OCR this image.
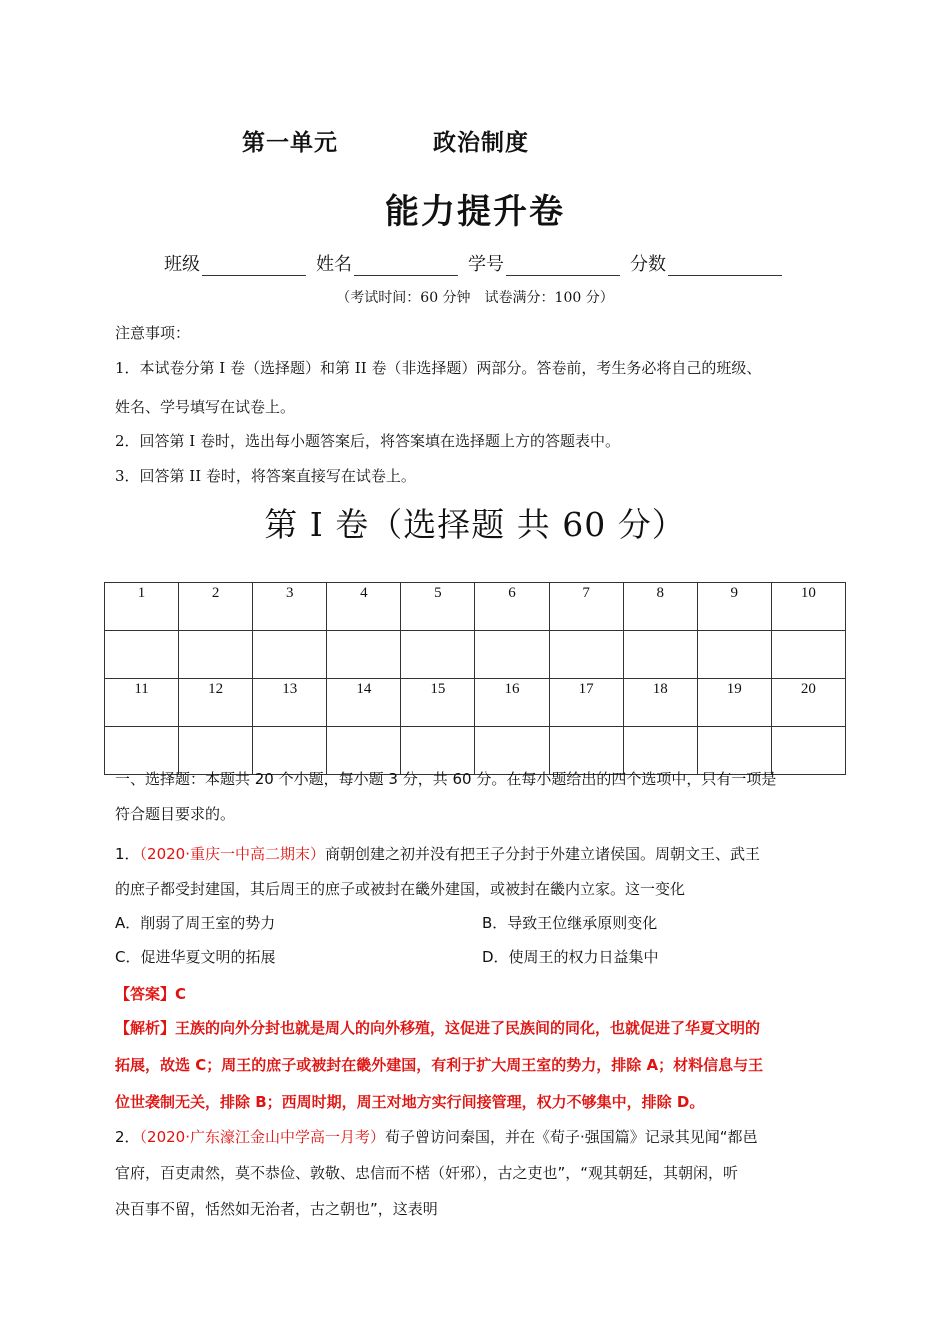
第一单元	政治制度
能力提升卷
班级	姓名	学号	分数
（考试时间：60 分钟　试卷满分：100 分）
注意事项：
1．本试卷分第 I 卷（选择题）和第 II 卷（非选择题）两部分。答卷前，考生务必将自己的班级、
姓名、学号填写在试卷上。
2．回答第 I 卷时，选出每小题答案后，将答案填在选择题上方的答题表中。
3．回答第 II 卷时，将答案直接写在试卷上。
第 I 卷（选择题 共 60 分）
1	2	3	4	5	6	7	8	9	10

11	12	13	14	15	16	17	18	19	20

一、选择题：本题共 20 个小题，每小题 3 分，共 60 分。在每小题给出的四个选项中，只有一项是
符合题目要求的。
1．（2020·重庆一中高二期末）商朝创建之初并没有把王子分封于外建立诸侯国。周朝文王、武王
的庶子都受封建国，其后周王的庶子或被封在畿外建国，或被封在畿内立家。这一变化
A．削弱了周王室的势力	B．导致王位继承原则变化
C．促进华夏文明的拓展	D．使周王的权力日益集中
【答案】C
【解析】王族的向外分封也就是周人的向外移殖，这促进了民族间的同化，也就促进了华夏文明的
拓展，故选 C；周王的庶子或被封在畿外建国，有利于扩大周王室的势力，排除 A；材料信息与王
位世袭制无关，排除 B；西周时期，周王对地方实行间接管理，权力不够集中，排除 D。
2．（2020·广东濠江金山中学高一月考）荀子曾访问秦国，并在《荀子·强国篇》记录其见闻“都邑
官府，百吏肃然，莫不恭俭、敦敬、忠信而不楛（奸邪），古之吏也”，“观其朝廷，其朝闲，听
决百事不留，恬然如无治者，古之朝也”，这表明
